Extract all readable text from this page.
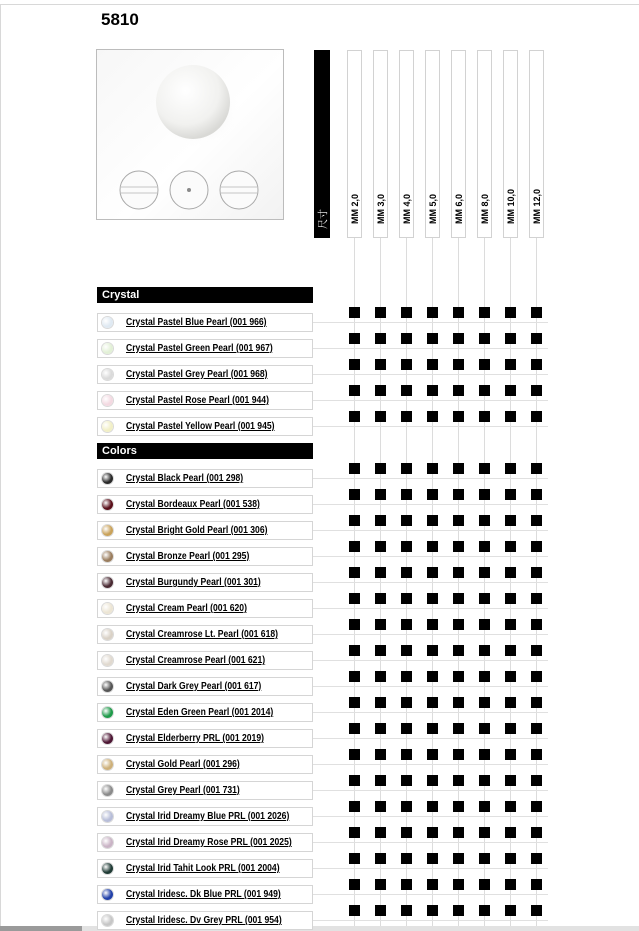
5810
尺寸 MM 2,0 MM 3,0 MM 4,0 MM 5,0 MM 6,0 MM 8,0 MM 10,0 MM 12,0
Crystal
Crystal Pastel Blue Pearl (001 966)
Crystal Pastel Green Pearl (001 967)
Crystal Pastel Grey Pearl (001 968)
Crystal Pastel Rose Pearl (001 944)
Crystal Pastel Yellow Pearl (001 945)
Colors
Crystal Black Pearl (001 298)
Crystal Bordeaux Pearl (001 538)
Crystal Bright Gold Pearl (001 306)
Crystal Bronze Pearl (001 295)
Crystal Burgundy Pearl (001 301)
Crystal Cream Pearl (001 620)
Crystal Creamrose Lt. Pearl (001 618)
Crystal Creamrose Pearl (001 621)
Crystal Dark Grey Pearl (001 617)
Crystal Eden Green Pearl (001 2014)
Crystal Elderberry PRL (001 2019)
Crystal Gold Pearl (001 296)
Crystal Grey Pearl (001 731)
Crystal Irid Dreamy Blue PRL (001 2026)
Crystal Irid Dreamy Rose PRL (001 2025)
Crystal Irid Tahit Look PRL (001 2004)
Crystal Iridesc. Dk Blue PRL (001 949)
Crystal Iridesc. Dv Grey PRL (001 954)
